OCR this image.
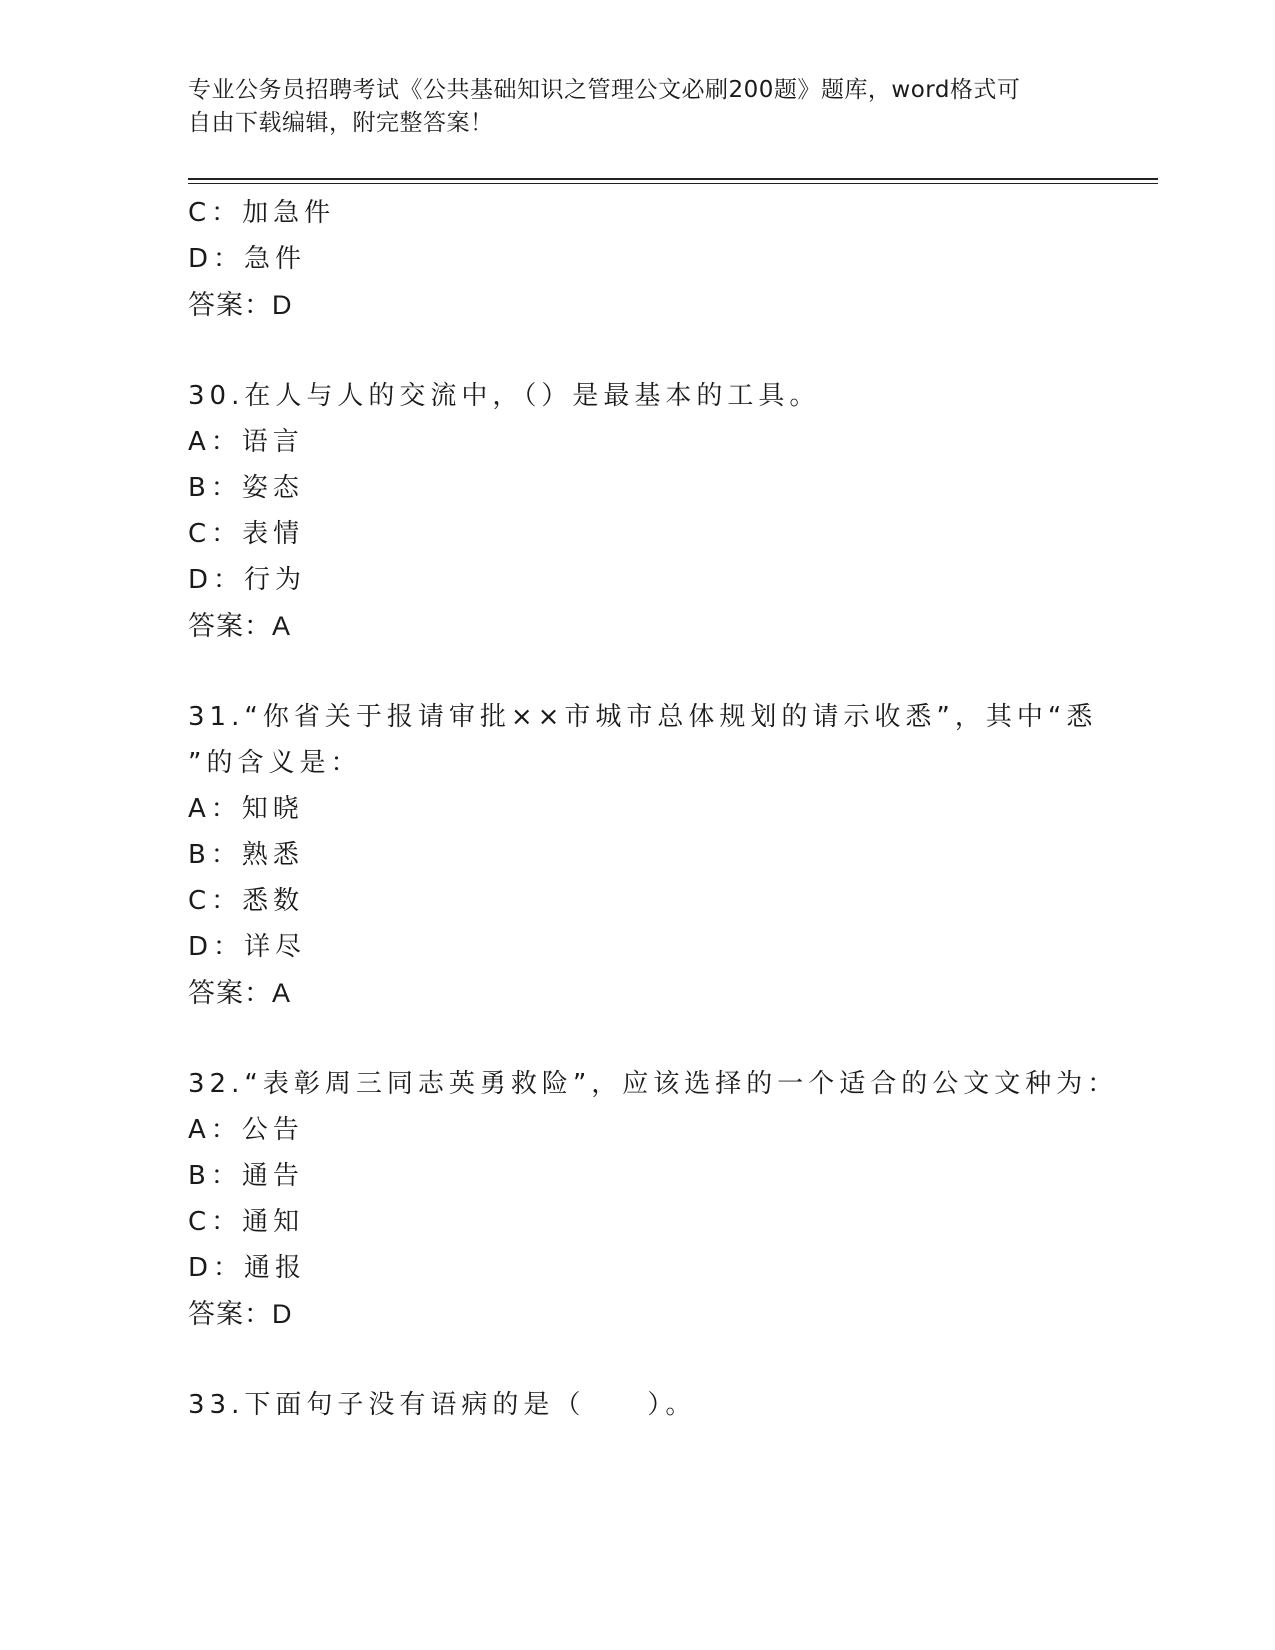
专业公务员招聘考试《公共基础知识之管理公文必刷200题》题库，word格式可
自由下载编辑，附完整答案！
C：加急件
D：急件
答案：D
30.在人与人的交流中，（）是最基本的工具。
A：语言
B：姿态
C：表情
D：行为
答案：A
31.“你省关于报请审批××市城市总体规划的请示收悉”，其中“悉
”的含义是：
A：知晓
B：熟悉
C：悉数
D：详尽
答案：A
32.“表彰周三同志英勇救险”，应该选择的一个适合的公文文种为：
A：公告
B：通告
C：通知
D：通报
答案：D
33.下面句子没有语病的是（　　）。
